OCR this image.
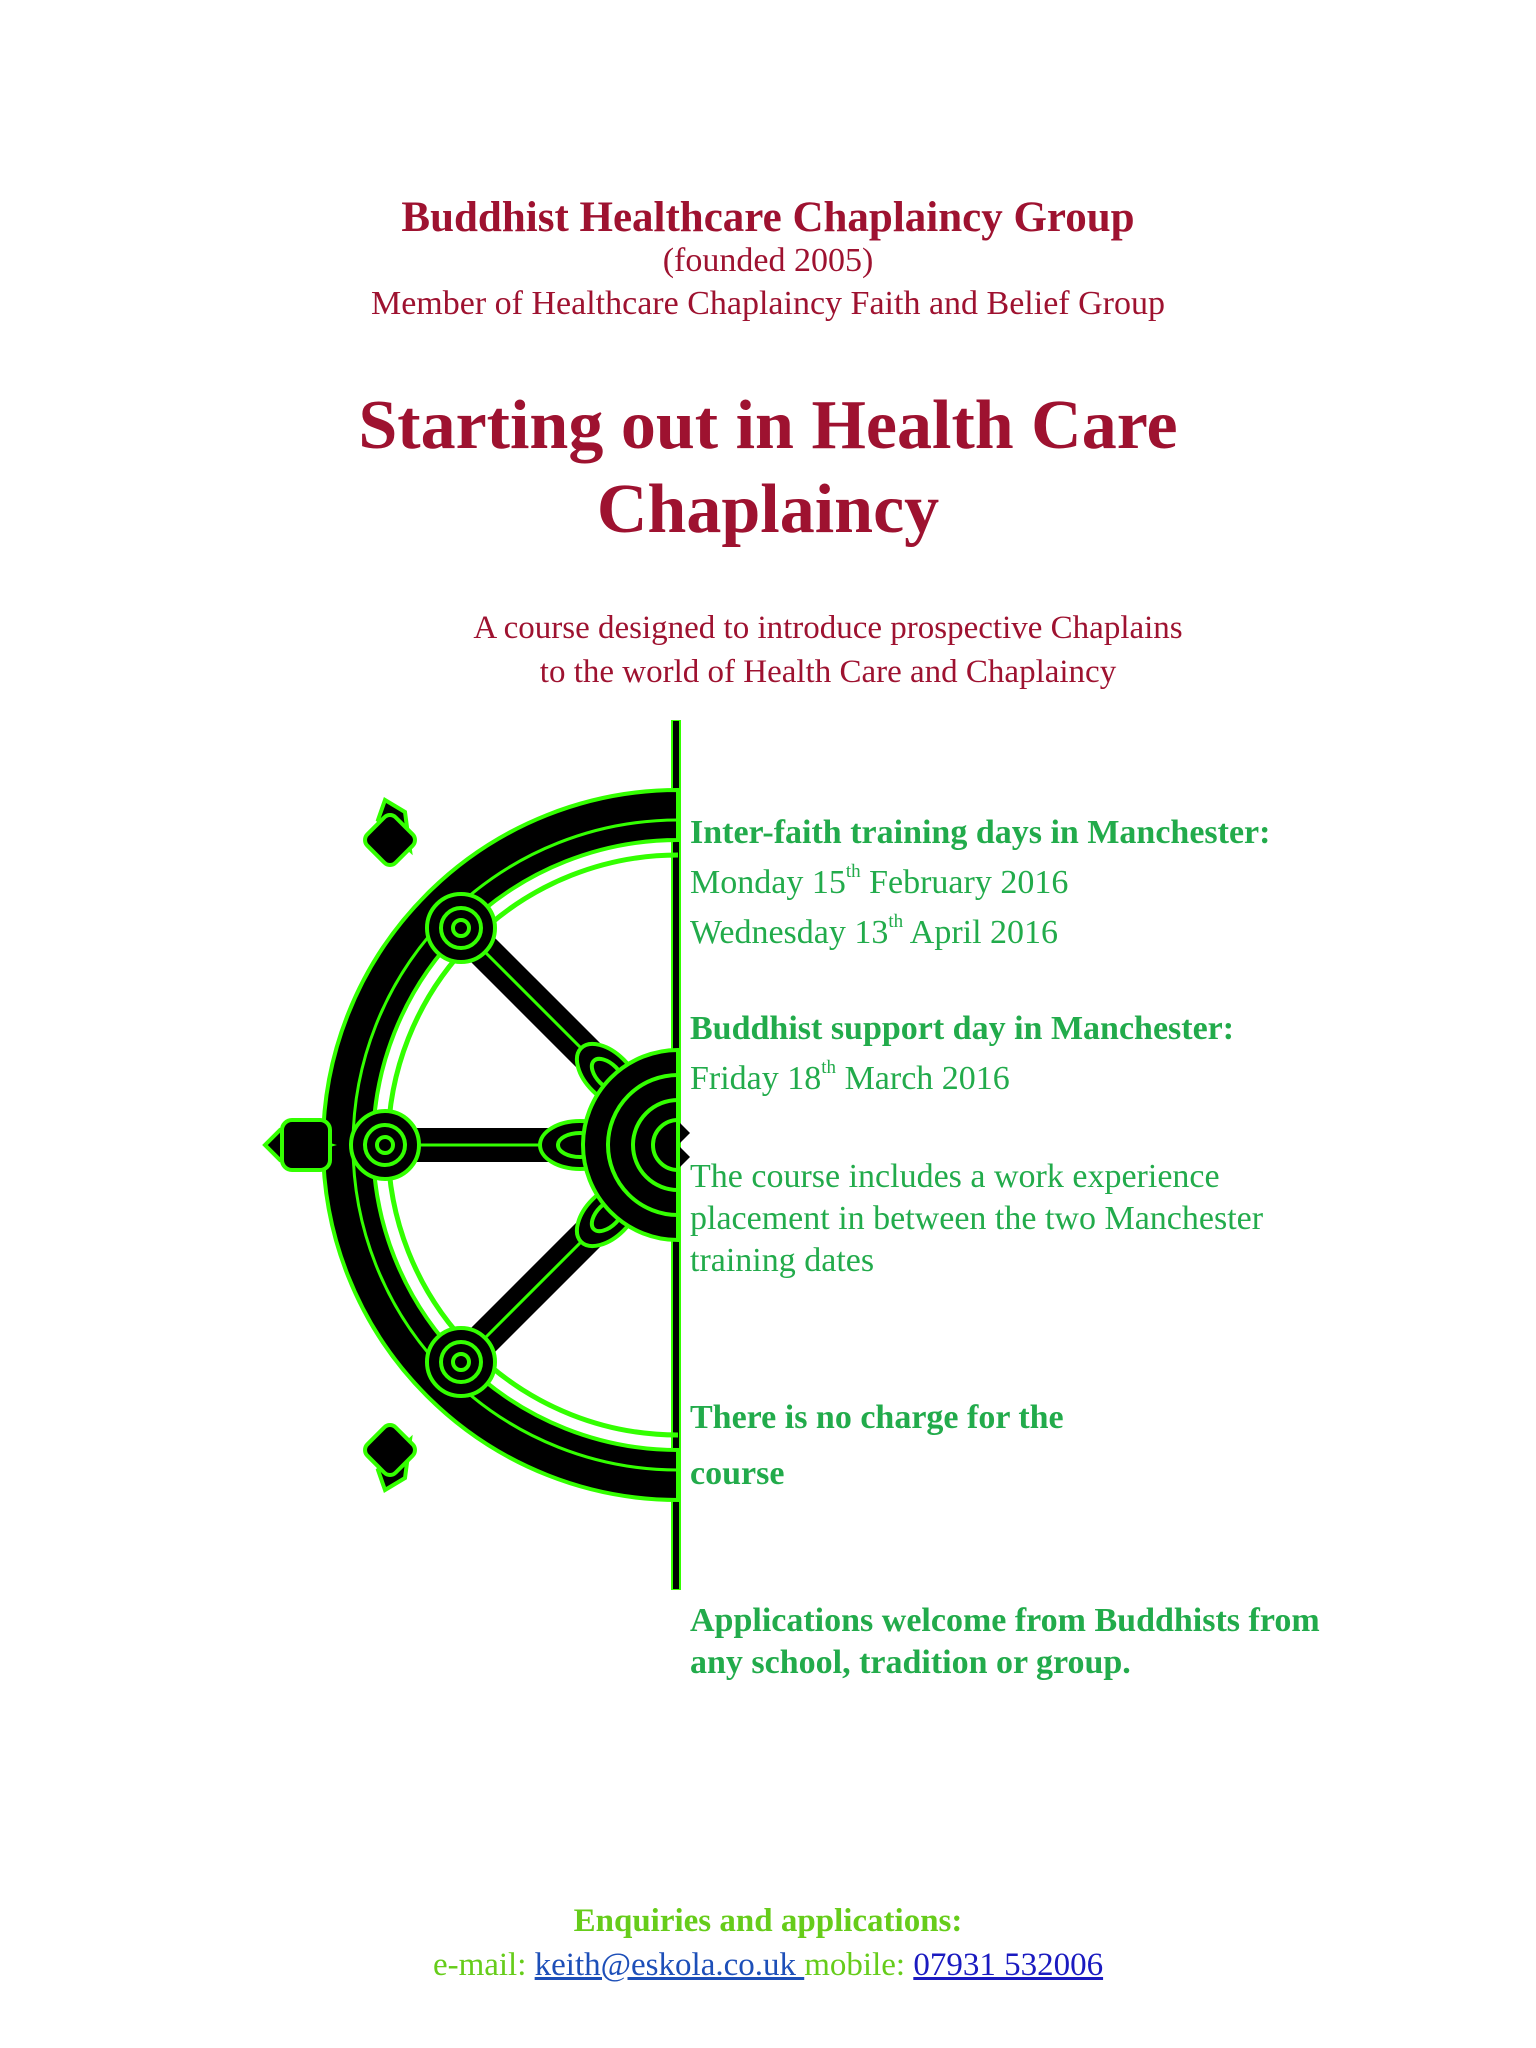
Buddhist Healthcare Chaplaincy Group
(founded 2005)
Member of Healthcare Chaplaincy Faith and Belief Group
Starting out in Health Care
Chaplaincy
A course designed to introduce prospective Chaplains
to the world of Health Care and Chaplaincy
Inter-faith training days in Manchester:
Monday 15th February 2016
Wednesday 13th April 2016
Buddhist support day in Manchester:
Friday 18th March 2016
The course includes a work experience
placement in between the two Manchester
training dates
There is no charge for the
course
Applications welcome from Buddhists from
any school, tradition or group.
Enquiries and applications:
e-mail: keith@eskola.co.uk mobile: 07931 532006
